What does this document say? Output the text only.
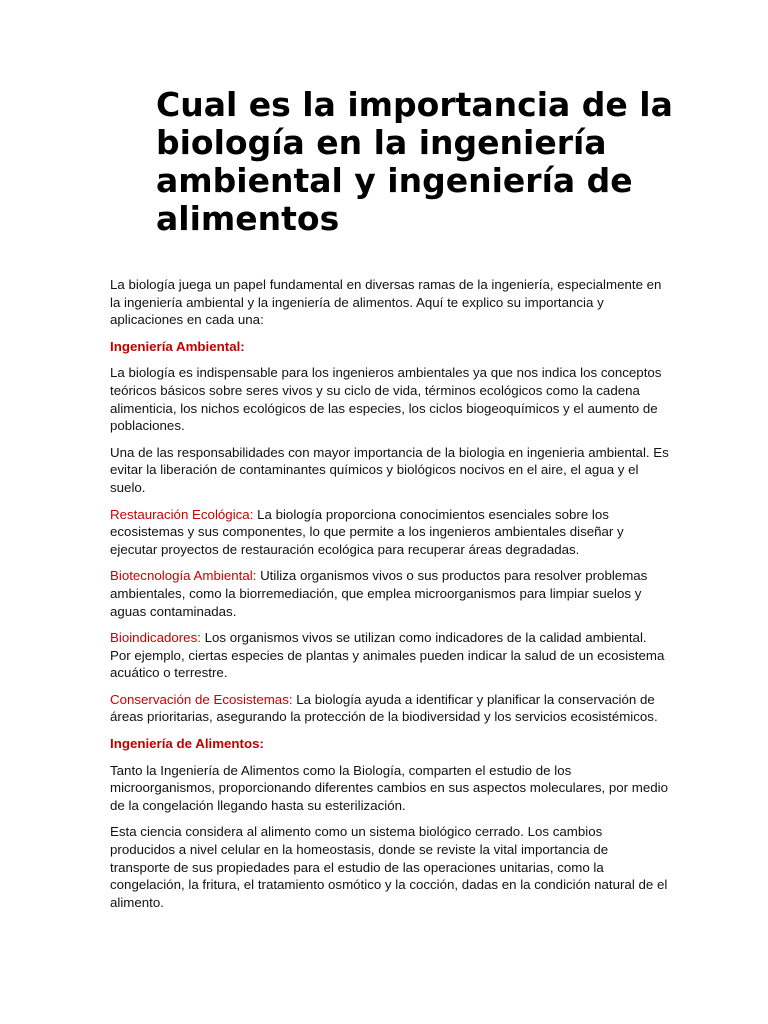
Cual es la importancia de la biología en la ingeniería ambiental y ingeniería de alimentos

La biología juega un papel fundamental en diversas ramas de la ingeniería, especialmente en la ingeniería ambiental y la ingeniería de alimentos. Aquí te explico su importancia y aplicaciones en cada una:

Ingeniería Ambiental:

La biología es indispensable para los ingenieros ambientales ya que nos indica los conceptos teóricos básicos sobre seres vivos y su ciclo de vida, términos ecológicos como la cadena alimenticia, los nichos ecológicos de las especies, los ciclos biogeoquímicos y el aumento de poblaciones.

Una de las responsabilidades con mayor importancia de la biologia en ingenieria ambiental. Es evitar la liberación de contaminantes químicos y biológicos nocivos en el aire, el agua y el suelo.

Restauración Ecológica: La biología proporciona conocimientos esenciales sobre los ecosistemas y sus componentes, lo que permite a los ingenieros ambientales diseñar y ejecutar proyectos de restauración ecológica para recuperar áreas degradadas.

Biotecnología Ambiental: Utiliza organismos vivos o sus productos para resolver problemas ambientales, como la biorremediación, que emplea microorganismos para limpiar suelos y aguas contaminadas.

Bioindicadores: Los organismos vivos se utilizan como indicadores de la calidad ambiental. Por ejemplo, ciertas especies de plantas y animales pueden indicar la salud de un ecosistema acuático o terrestre.

Conservación de Ecosistemas: La biología ayuda a identificar y planificar la conservación de áreas prioritarias, asegurando la protección de la biodiversidad y los servicios ecosistémicos.

Ingeniería de Alimentos:

Tanto la Ingeniería de Alimentos como la Biología, comparten el estudio de los microorganismos, proporcionando diferentes cambios en sus aspectos moleculares, por medio de la congelación llegando hasta su esterilización.

Esta ciencia considera al alimento como un sistema biológico cerrado. Los cambios producidos a nivel celular en la homeostasis, donde se reviste la vital importancia de transporte de sus propiedades para el estudio de las operaciones unitarias, como la congelación, la fritura, el tratamiento osmótico y la cocción, dadas en la condición natural de el alimento.
